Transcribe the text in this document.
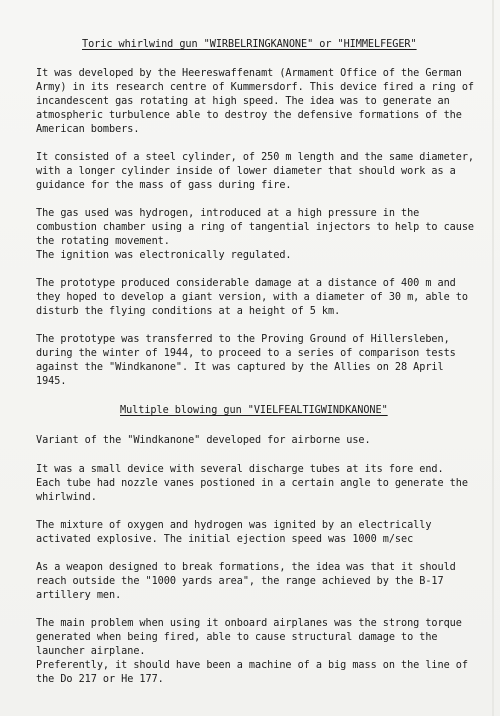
Toric whirlwind gun "WIRBELRINGKANONE" or "HIMMELFEGER"
It was developed by the Heereswaffenamt (Armament Office of the German
Army) in its research centre of Kummersdorf. This device fired a ring of
incandescent gas rotating at high speed. The idea was to generate an
atmospheric turbulence able to destroy the defensive formations of the
American bombers.
It consisted of a steel cylinder, of 250 m length and the same diameter,
with a longer cylinder inside of lower diameter that should work as a
guidance for the mass of gass during fire.
The gas used was hydrogen, introduced at a high pressure in the
combustion chamber using a ring of tangential injectors to help to cause
the rotating movement.
The ignition was electronically regulated.
The prototype produced considerable damage at a distance of 400 m and
they hoped to develop a giant version, with a diameter of 30 m, able to
disturb the flying conditions at a height of 5 km.
The prototype was transferred to the Proving Ground of Hillersleben,
during the winter of 1944, to proceed to a series of comparison tests
against the "Windkanone". It was captured by the Allies on 28 April
1945.
Multiple blowing gun "VIELFEALTIGWINDKANONE"
Variant of the "Windkanone" developed for airborne use.
It was a small device with several discharge tubes at its fore end.
Each tube had nozzle vanes postioned in a certain angle to generate the
whirlwind.
The mixture of oxygen and hydrogen was ignited by an electrically
activated explosive. The initial ejection speed was 1000 m/sec
As a weapon designed to break formations, the idea was that it should
reach outside the "1000 yards area", the range achieved by the B-17
artillery men.
The main problem when using it onboard airplanes was the strong torque
generated when being fired, able to cause structural damage to the
launcher airplane.
Preferently, it should have been a machine of a big mass on the line of
the Do 217 or He 177.
